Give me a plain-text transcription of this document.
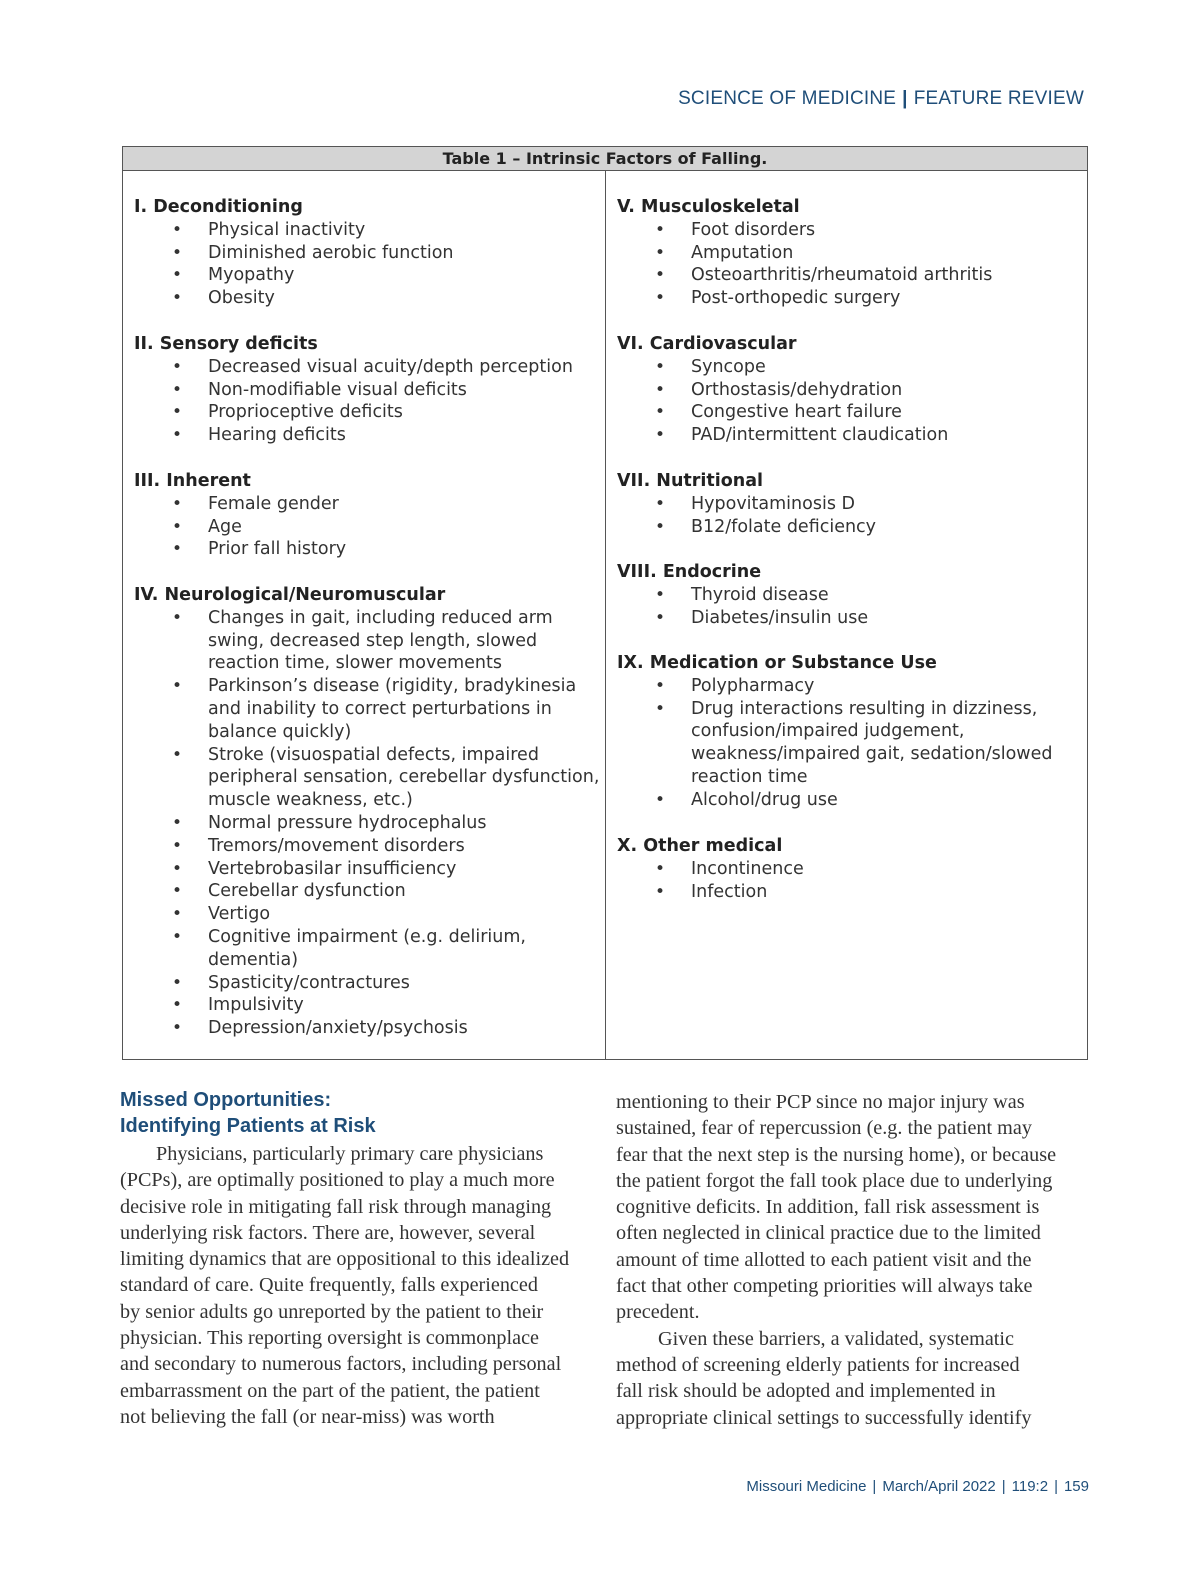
SCIENCE OF MEDICINE | FEATURE REVIEW
Table 1 – Intrinsic Factors of Falling.
I. Deconditioning
• Physical inactivity
• Diminished aerobic function
• Myopathy
• Obesity
II. Sensory deficits
• Decreased visual acuity/depth perception
• Non-modifiable visual deficits
• Proprioceptive deficits
• Hearing deficits
III. Inherent
• Female gender
• Age
• Prior fall history
IV. Neurological/Neuromuscular
• Changes in gait, including reduced arm swing, decreased step length, slowed reaction time, slower movements
• Parkinson’s disease (rigidity, bradykinesia and inability to correct perturbations in balance quickly)
• Stroke (visuospatial defects, impaired peripheral sensation, cerebellar dysfunction, muscle weakness, etc.)
• Normal pressure hydrocephalus
• Tremors/movement disorders
• Vertebrobasilar insufficiency
• Cerebellar dysfunction
• Vertigo
• Cognitive impairment (e.g. delirium, dementia)
• Spasticity/contractures
• Impulsivity
• Depression/anxiety/psychosis
V. Musculoskeletal
• Foot disorders
• Amputation
• Osteoarthritis/rheumatoid arthritis
• Post-orthopedic surgery
VI. Cardiovascular
• Syncope
• Orthostasis/dehydration
• Congestive heart failure
• PAD/intermittent claudication
VII. Nutritional
• Hypovitaminosis D
• B12/folate deficiency
VIII. Endocrine
• Thyroid disease
• Diabetes/insulin use
IX. Medication or Substance Use
• Polypharmacy
• Drug interactions resulting in dizziness, confusion/impaired judgement, weakness/impaired gait, sedation/slowed reaction time
• Alcohol/drug use
X. Other medical
• Incontinence
• Infection
Missed Opportunities:
Identifying Patients at Risk
Physicians, particularly primary care physicians
(PCPs), are optimally positioned to play a much more
decisive role in mitigating fall risk through managing
underlying risk factors. There are, however, several
limiting dynamics that are oppositional to this idealized
standard of care. Quite frequently, falls experienced
by senior adults go unreported by the patient to their
physician. This reporting oversight is commonplace
and secondary to numerous factors, including personal
embarrassment on the part of the patient, the patient
not believing the fall (or near-miss) was worth
mentioning to their PCP since no major injury was
sustained, fear of repercussion (e.g. the patient may
fear that the next step is the nursing home), or because
the patient forgot the fall took place due to underlying
cognitive deficits. In addition, fall risk assessment is
often neglected in clinical practice due to the limited
amount of time allotted to each patient visit and the
fact that other competing priorities will always take
precedent.
Given these barriers, a validated, systematic
method of screening elderly patients for increased
fall risk should be adopted and implemented in
appropriate clinical settings to successfully identify
Missouri Medicine | March/April 2022 | 119:2 | 159
